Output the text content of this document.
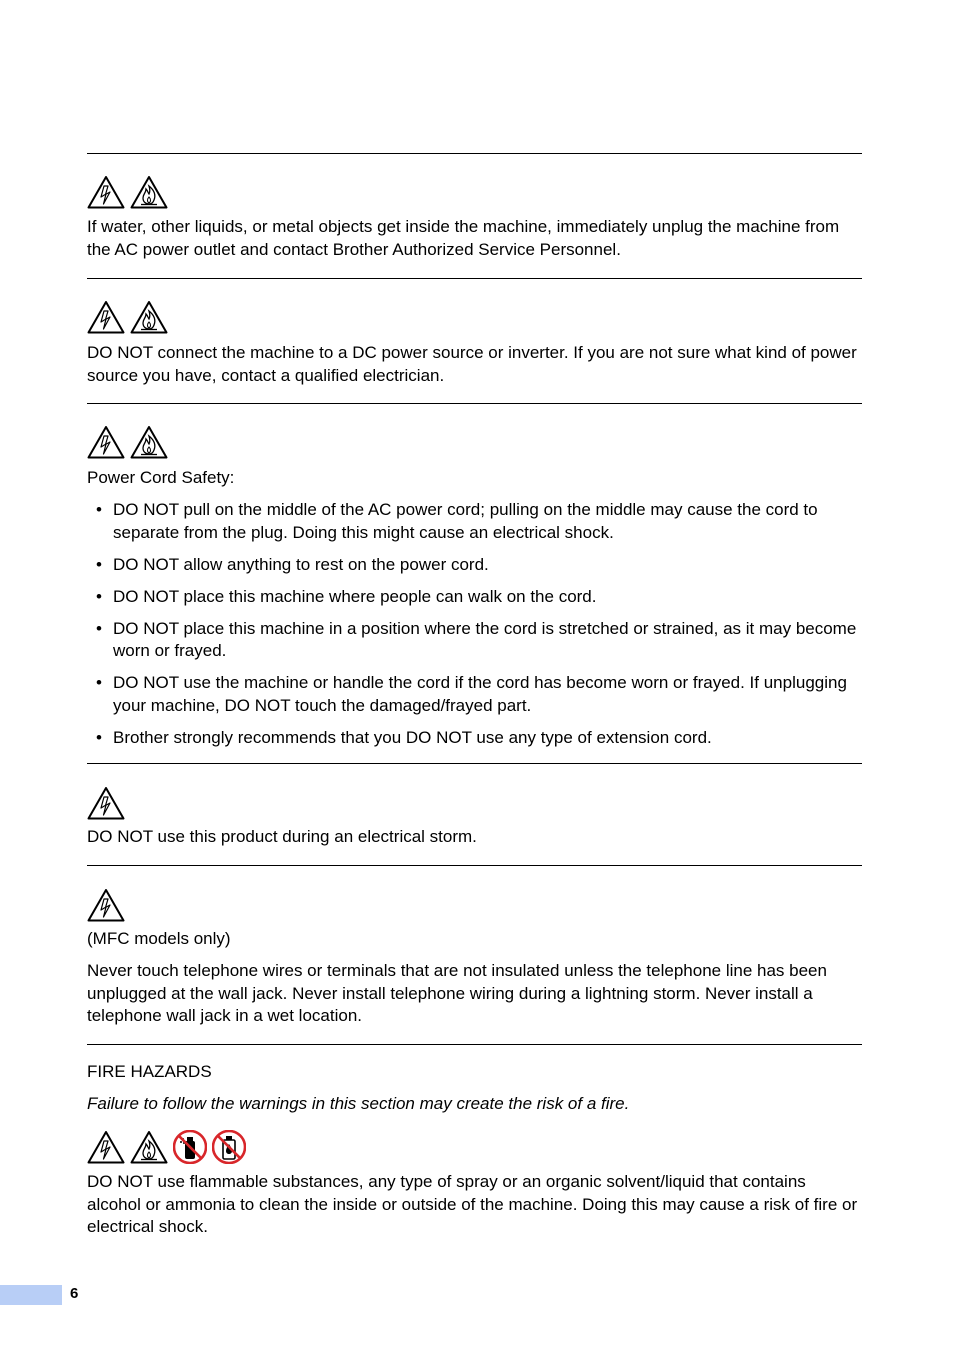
If water, other liquids, or metal objects get inside the machine, immediately unplug the machine from the AC power outlet and contact Brother Authorized Service Personnel.

DO NOT connect the machine to a DC power source or inverter. If you are not sure what kind of power source you have, contact a qualified electrician.

Power Cord Safety:

• DO NOT pull on the middle of the AC power cord; pulling on the middle may cause the cord to separate from the plug. Doing this might cause an electrical shock.
• DO NOT allow anything to rest on the power cord.
• DO NOT place this machine where people can walk on the cord.
• DO NOT place this machine in a position where the cord is stretched or strained, as it may become worn or frayed.
• DO NOT use the machine or handle the cord if the cord has become worn or frayed. If unplugging your machine, DO NOT touch the damaged/frayed part.
• Brother strongly recommends that you DO NOT use any type of extension cord.

DO NOT use this product during an electrical storm.

(MFC models only)

Never touch telephone wires or terminals that are not insulated unless the telephone line has been unplugged at the wall jack. Never install telephone wiring during a lightning storm. Never install a telephone wall jack in a wet location.

FIRE HAZARDS

Failure to follow the warnings in this section may create the risk of a fire.

DO NOT use flammable substances, any type of spray or an organic solvent/liquid that contains alcohol or ammonia to clean the inside or outside of the machine. Doing this may cause a risk of fire or electrical shock.

6
